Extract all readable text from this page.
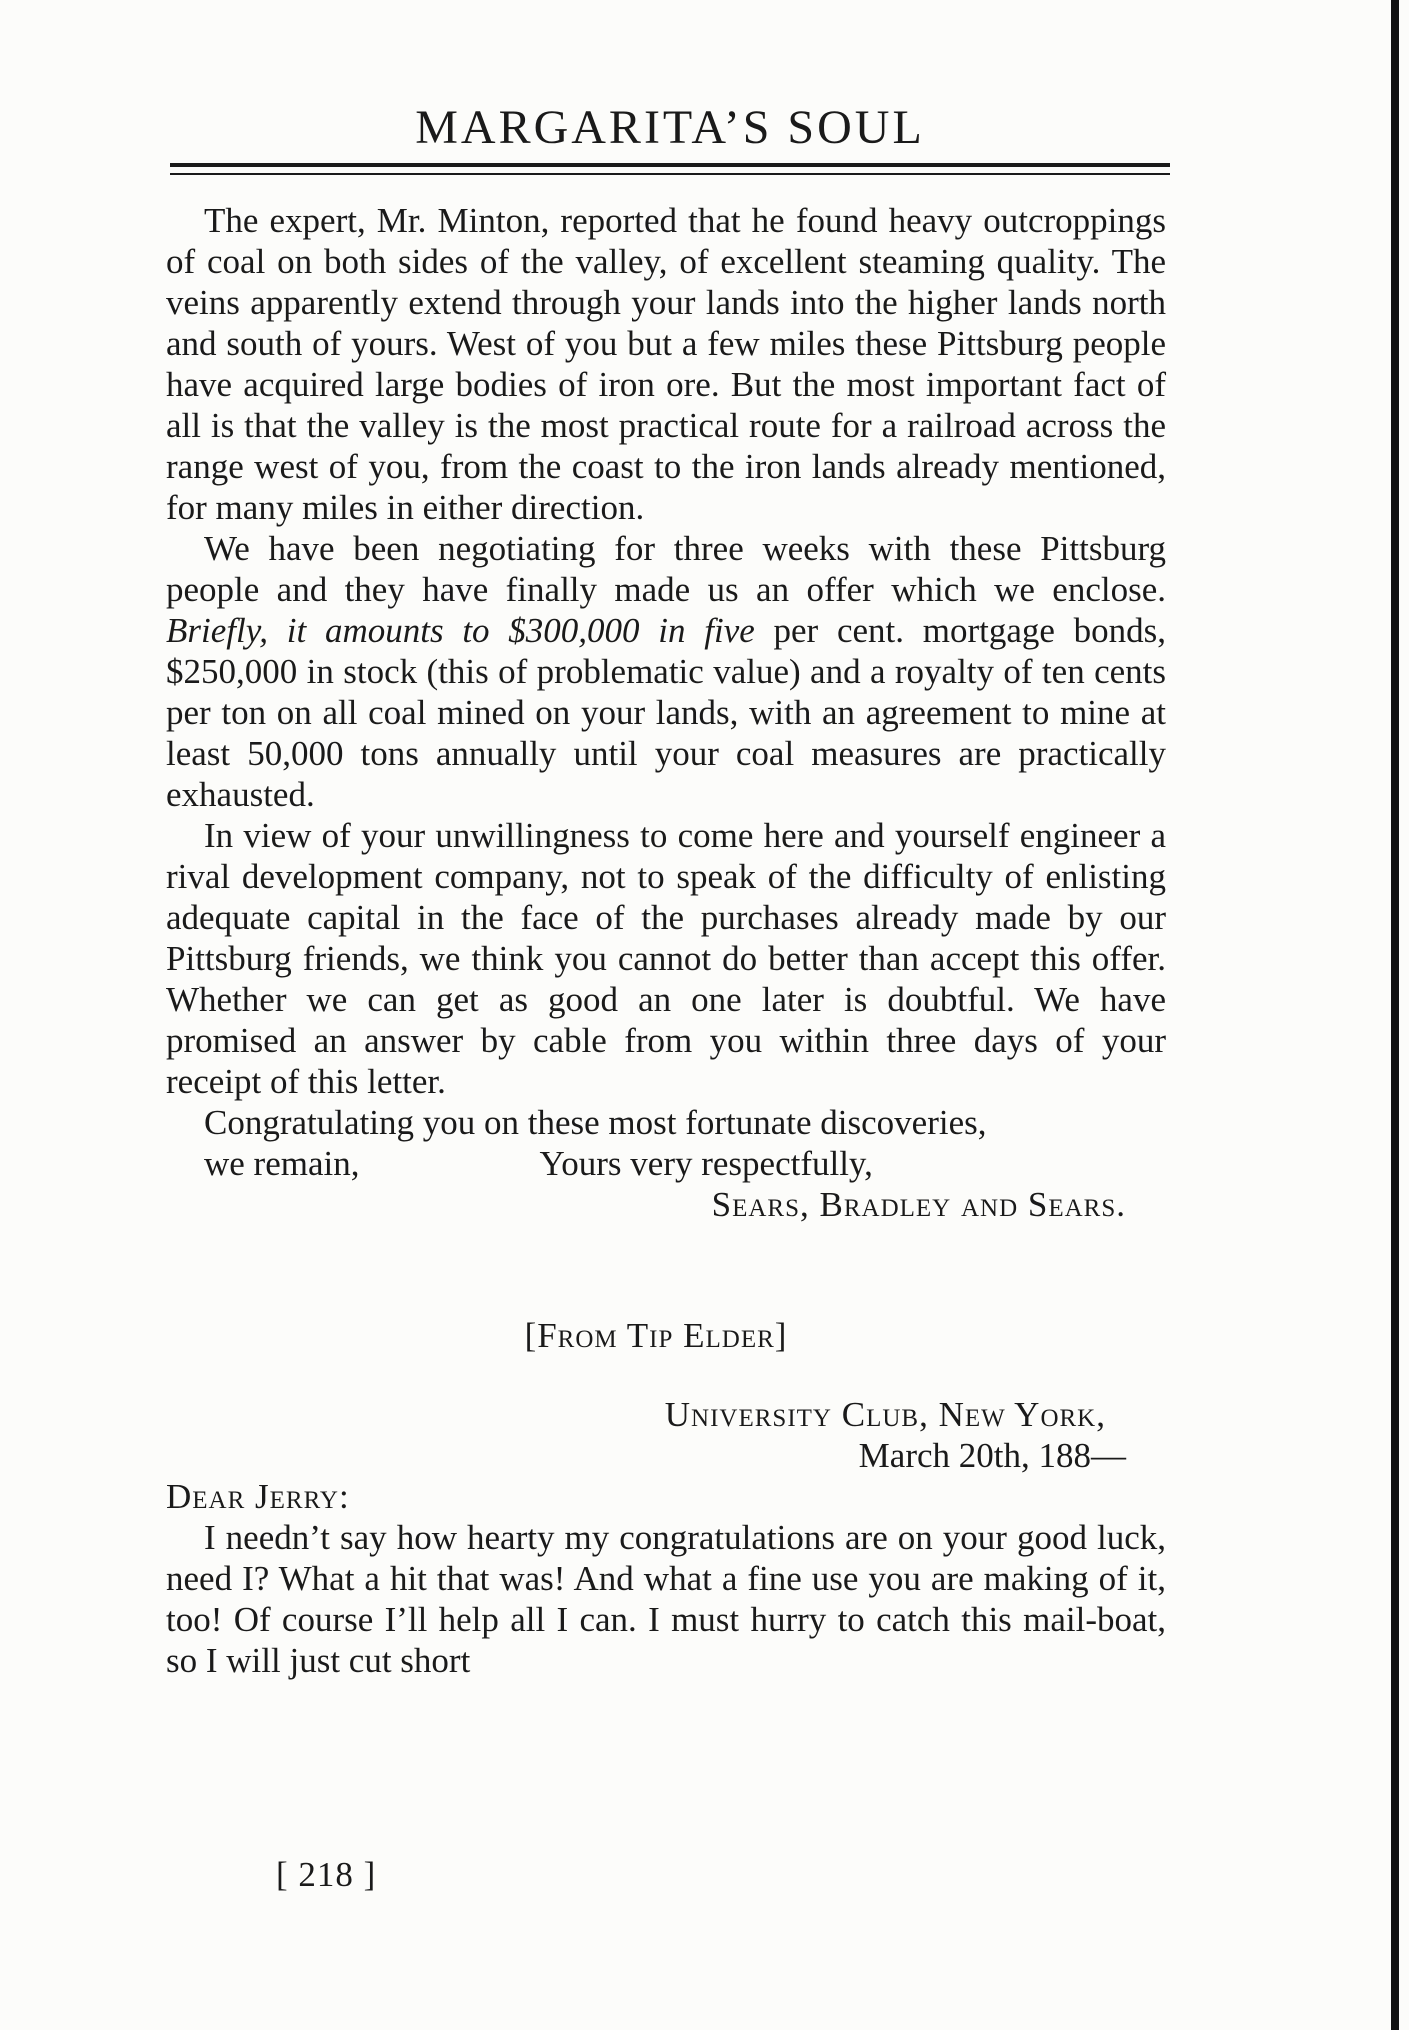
MARGARITA’S SOUL

The expert, Mr. Minton, reported that he found heavy outcroppings of coal on both sides of the valley, of excellent steaming quality. The veins apparently extend through your lands into the higher lands north and south of yours. West of you but a few miles these Pittsburg people have acquired large bodies of iron ore. But the most important fact of all is that the valley is the most practical route for a railroad across the range west of you, from the coast to the iron lands already mentioned, for many miles in either direction.

We have been negotiating for three weeks with these Pittsburg people and they have finally made us an offer which we enclose. Briefly, it amounts to $300,000 in five per cent. mortgage bonds, $250,000 in stock (this of problematic value) and a royalty of ten cents per ton on all coal mined on your lands, with an agreement to mine at least 50,000 tons annually until your coal measures are practically exhausted.

In view of your unwillingness to come here and yourself engineer a rival development company, not to speak of the difficulty of enlisting adequate capital in the face of the purchases already made by our Pittsburg friends, we think you cannot do better than accept this offer. Whether we can get as good an one later is doubtful. We have promised an answer by cable from you within three days of your receipt of this letter.

Congratulating you on these most fortunate discoveries,

we remain,	Yours very respectfully,

Sears, Bradley and Sears.
[From Tip Elder]
University Club, New York,
March 20th, 188—

Dear Jerry:

I needn’t say how hearty my congratulations are on your good luck, need I? What a hit that was! And what a fine use you are making of it, too! Of course I’ll help all I can. I must hurry to catch this mail-boat, so I will just cut short

[ 218 ]
